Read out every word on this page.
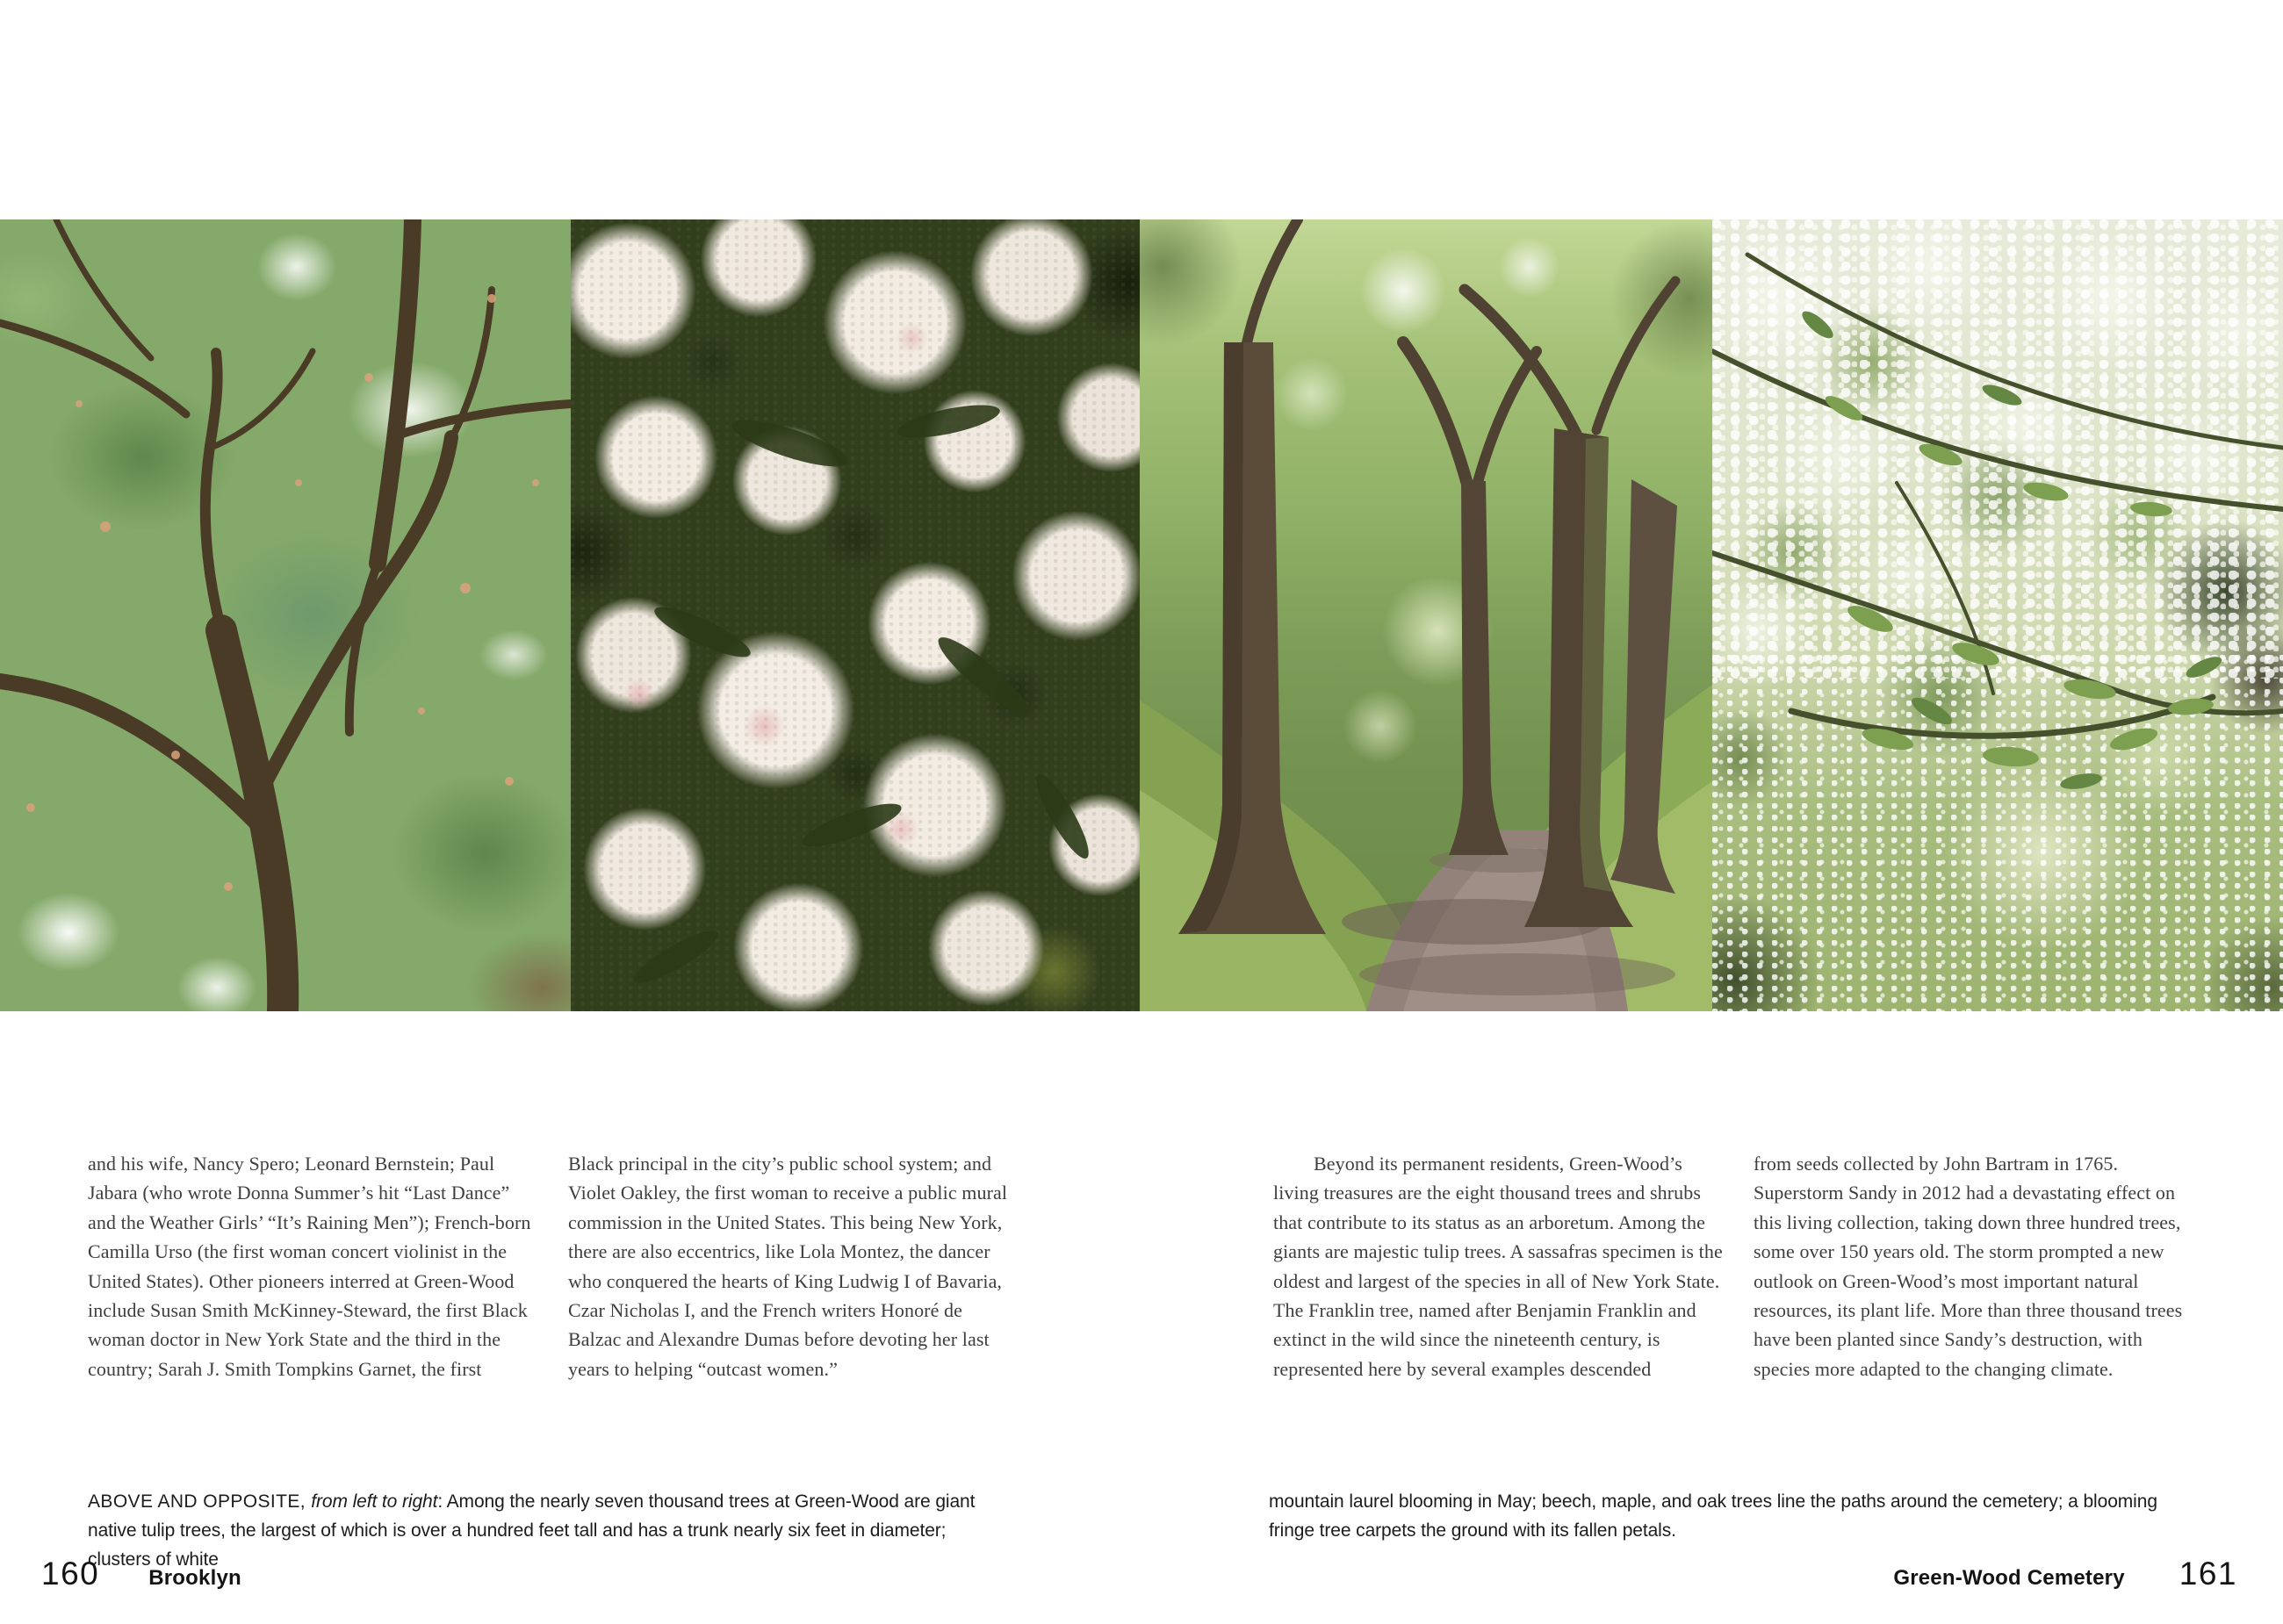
and his wife, Nancy Spero; Leonard Bernstein; Paul Jabara (who wrote Donna Summer’s hit “Last Dance” and the Weather Girls’ “It’s Raining Men”); French-born Camilla Urso (the first woman concert violinist in the United States). Other pioneers interred at Green-Wood include Susan Smith McKinney-Steward, the first Black woman doctor in New York State and the third in the country; Sarah J. Smith Tompkins Garnet, the first
Black principal in the city’s public school system; and Violet Oakley, the first woman to receive a public mural commission in the United States. This being New York, there are also eccentrics, like Lola Montez, the dancer who conquered the hearts of King Ludwig I of Bavaria, Czar Nicholas I, and the French writers Honoré de Balzac and Alexandre Dumas before devoting her last years to helping “outcast women.”
Beyond its permanent residents, Green-Wood’s living treasures are the eight thousand trees and shrubs that contribute to its status as an arboretum. Among the giants are majestic tulip trees. A sassafras specimen is the oldest and largest of the species in all of New York State. The Franklin tree, named after Benjamin Franklin and extinct in the wild since the nineteenth century, is represented here by several examples descended
from seeds collected by John Bartram in 1765. Superstorm Sandy in 2012 had a devastating effect on this living collection, taking down three hundred trees, some over 150 years old. The storm prompted a new outlook on Green-Wood’s most important natural resources, its plant life. More than three thousand trees have been planted since Sandy’s destruction, with species more adapted to the changing climate.

ABOVE AND OPPOSITE, from left to right: Among the nearly seven thousand trees at Green-Wood are giant native tulip trees, the largest of which is over a hundred feet tall and has a trunk nearly six feet in diameter; clusters of white

mountain laurel blooming in May; beech, maple, and oak trees line the paths around the cemetery; a blooming fringe tree carpets the ground with its fallen petals.

160 Brooklyn	Green-Wood Cemetery 161
